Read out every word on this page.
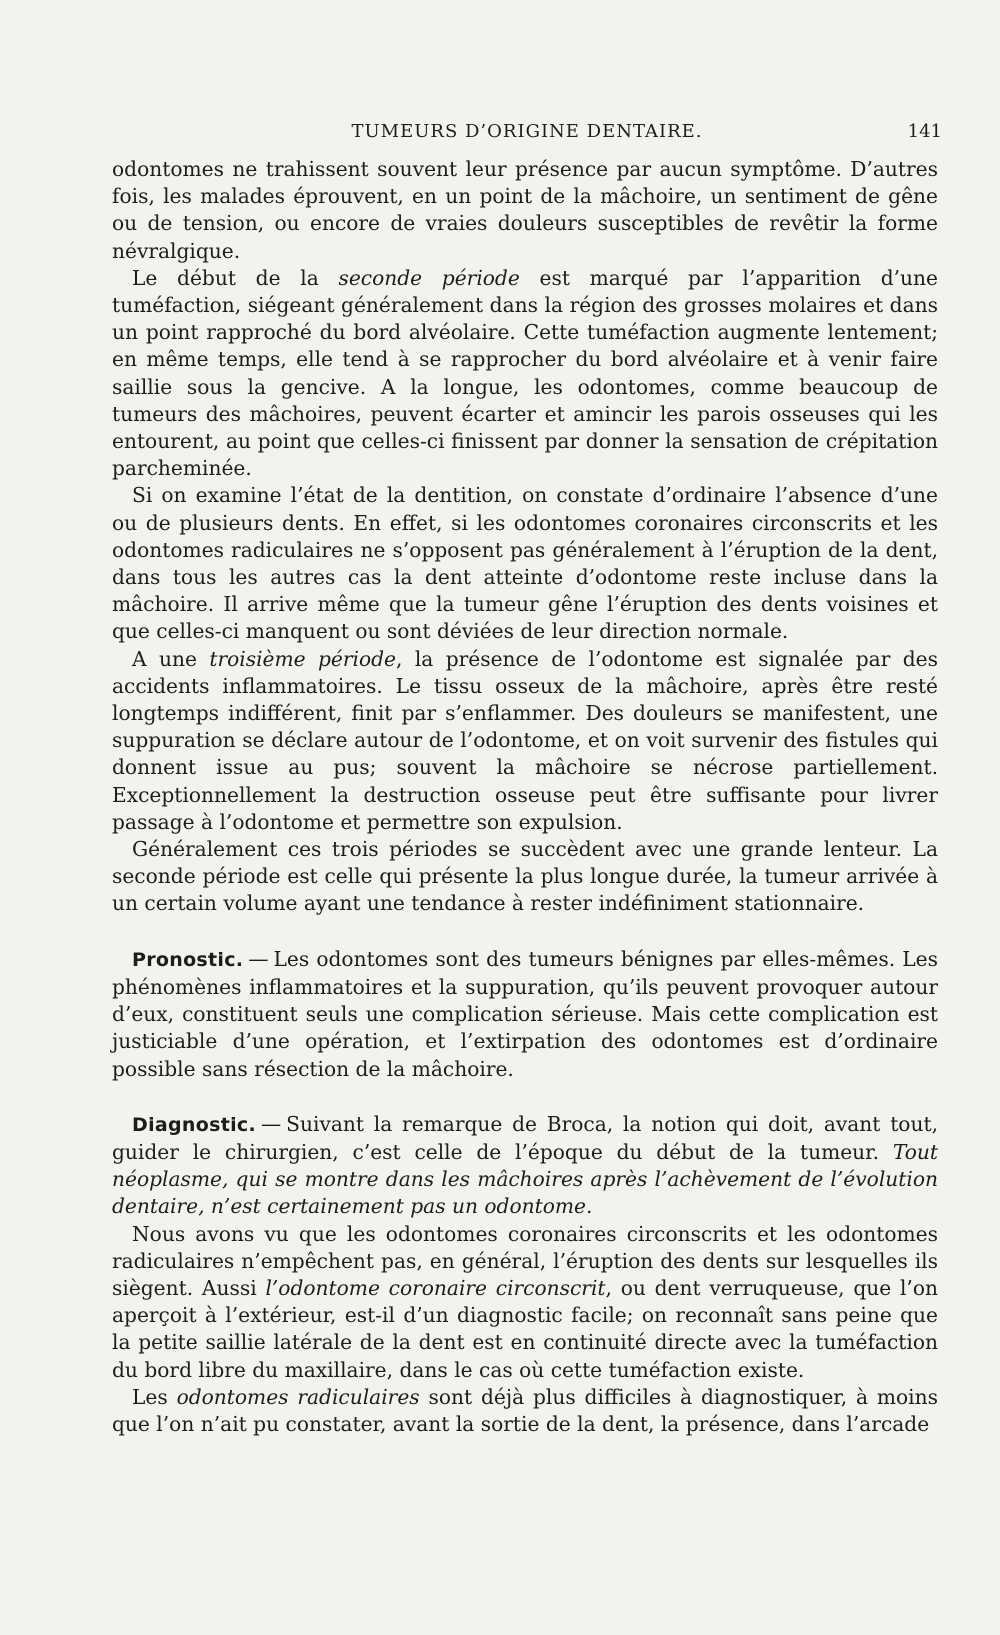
TUMEURS D’ORIGINE DENTAIRE.	141

odontomes ne trahissent souvent leur présence par aucun symptôme. D’autres fois, les malades éprouvent, en un point de la mâchoire, un sentiment de gêne ou de tension, ou encore de vraies douleurs susceptibles de revêtir la forme névralgique.

Le début de la seconde période est marqué par l’apparition d’une tuméfaction, siégeant généralement dans la région des grosses molaires et dans un point rapproché du bord alvéolaire. Cette tuméfaction augmente lentement; en même temps, elle tend à se rapprocher du bord alvéolaire et à venir faire saillie sous la gencive. A la longue, les odontomes, comme beaucoup de tumeurs des mâchoires, peuvent écarter et amincir les parois osseuses qui les entourent, au point que celles-ci finissent par donner la sensation de crépitation parcheminée.

Si on examine l’état de la dentition, on constate d’ordinaire l’absence d’une ou de plusieurs dents. En effet, si les odontomes coronaires circonscrits et les odontomes radiculaires ne s’opposent pas généralement à l’éruption de la dent, dans tous les autres cas la dent atteinte d’odontome reste incluse dans la mâchoire. Il arrive même que la tumeur gêne l’éruption des dents voisines et que celles-ci manquent ou sont déviées de leur direction normale.

A une troisième période, la présence de l’odontome est signalée par des accidents inflammatoires. Le tissu osseux de la mâchoire, après être resté longtemps indifférent, finit par s’enflammer. Des douleurs se manifestent, une suppuration se déclare autour de l’odontome, et on voit survenir des fistules qui donnent issue au pus; souvent la mâchoire se nécrose partiellement. Exceptionnellement la destruction osseuse peut être suffisante pour livrer passage à l’odontome et permettre son expulsion.

Généralement ces trois périodes se succèdent avec une grande lenteur. La seconde période est celle qui présente la plus longue durée, la tumeur arrivée à un certain volume ayant une tendance à rester indéfiniment stationnaire.

Pronostic. — Les odontomes sont des tumeurs bénignes par elles-mêmes. Les phénomènes inflammatoires et la suppuration, qu’ils peuvent provoquer autour d’eux, constituent seuls une complication sérieuse. Mais cette complication est justiciable d’une opération, et l’extirpation des odontomes est d’ordinaire possible sans résection de la mâchoire.

Diagnostic. — Suivant la remarque de Broca, la notion qui doit, avant tout, guider le chirurgien, c’est celle de l’époque du début de la tumeur. Tout néoplasme, qui se montre dans les mâchoires après l’achèvement de l’évolution dentaire, n’est certainement pas un odontome.

Nous avons vu que les odontomes coronaires circonscrits et les odontomes radiculaires n’empêchent pas, en général, l’éruption des dents sur lesquelles ils siègent. Aussi l’odontome coronaire circonscrit, ou dent verruqueuse, que l’on aperçoit à l’extérieur, est-il d’un diagnostic facile; on reconnaît sans peine que la petite saillie latérale de la dent est en continuité directe avec la tuméfaction du bord libre du maxillaire, dans le cas où cette tuméfaction existe.

Les odontomes radiculaires sont déjà plus difficiles à diagnostiquer, à moins que l’on n’ait pu constater, avant la sortie de la dent, la présence, dans l’arcade
